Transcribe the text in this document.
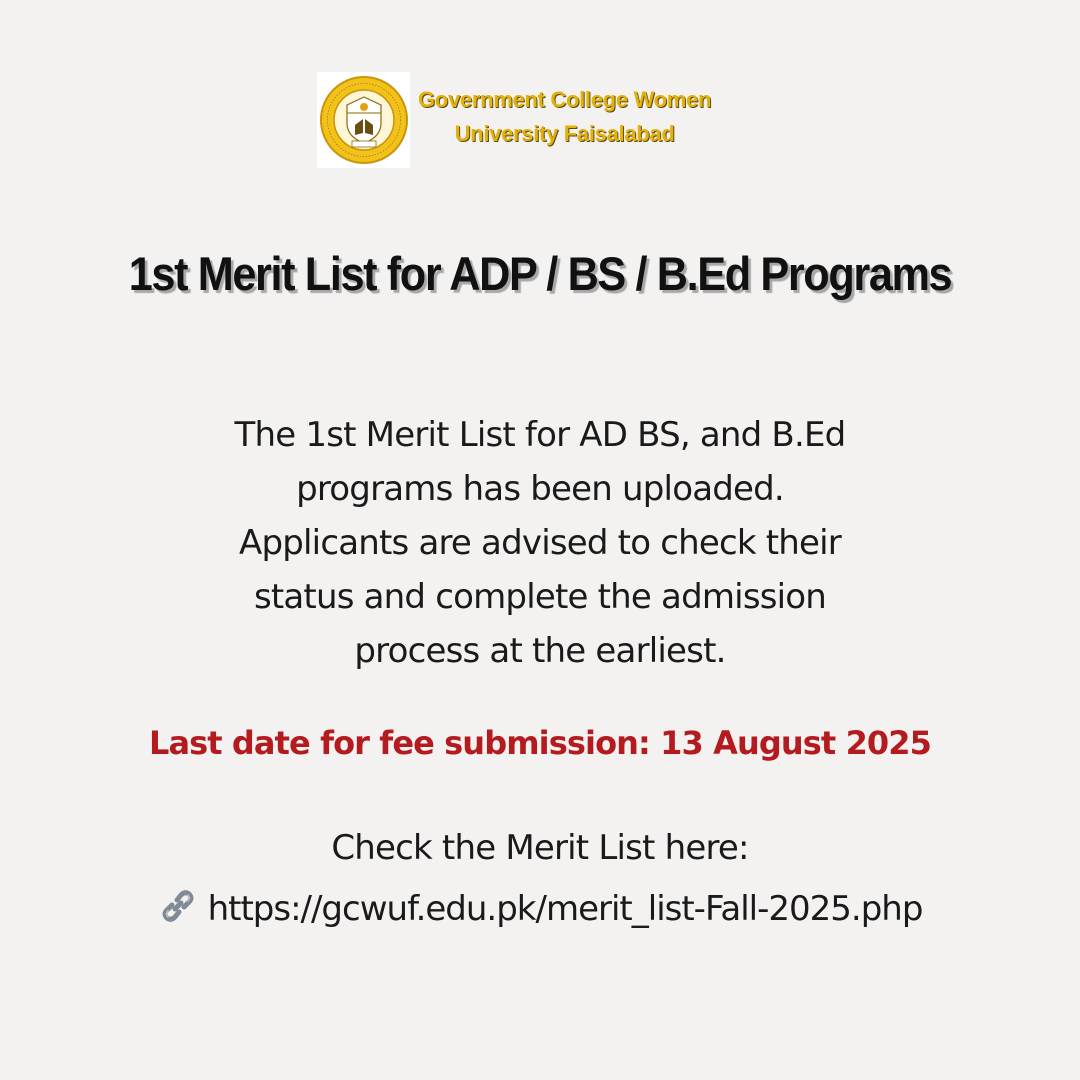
Government College Women
University Faisalabad
1st Merit List for ADP / BS / B.Ed Programs
The 1st Merit List for AD BS, and B.Ed
programs has been uploaded.
Applicants are advised to check their
status and complete the admission
process at the earliest.
Last date for fee submission: 13 August 2025
Check the Merit List here:
https://gcwuf.edu.pk/merit_list-Fall-2025.php
